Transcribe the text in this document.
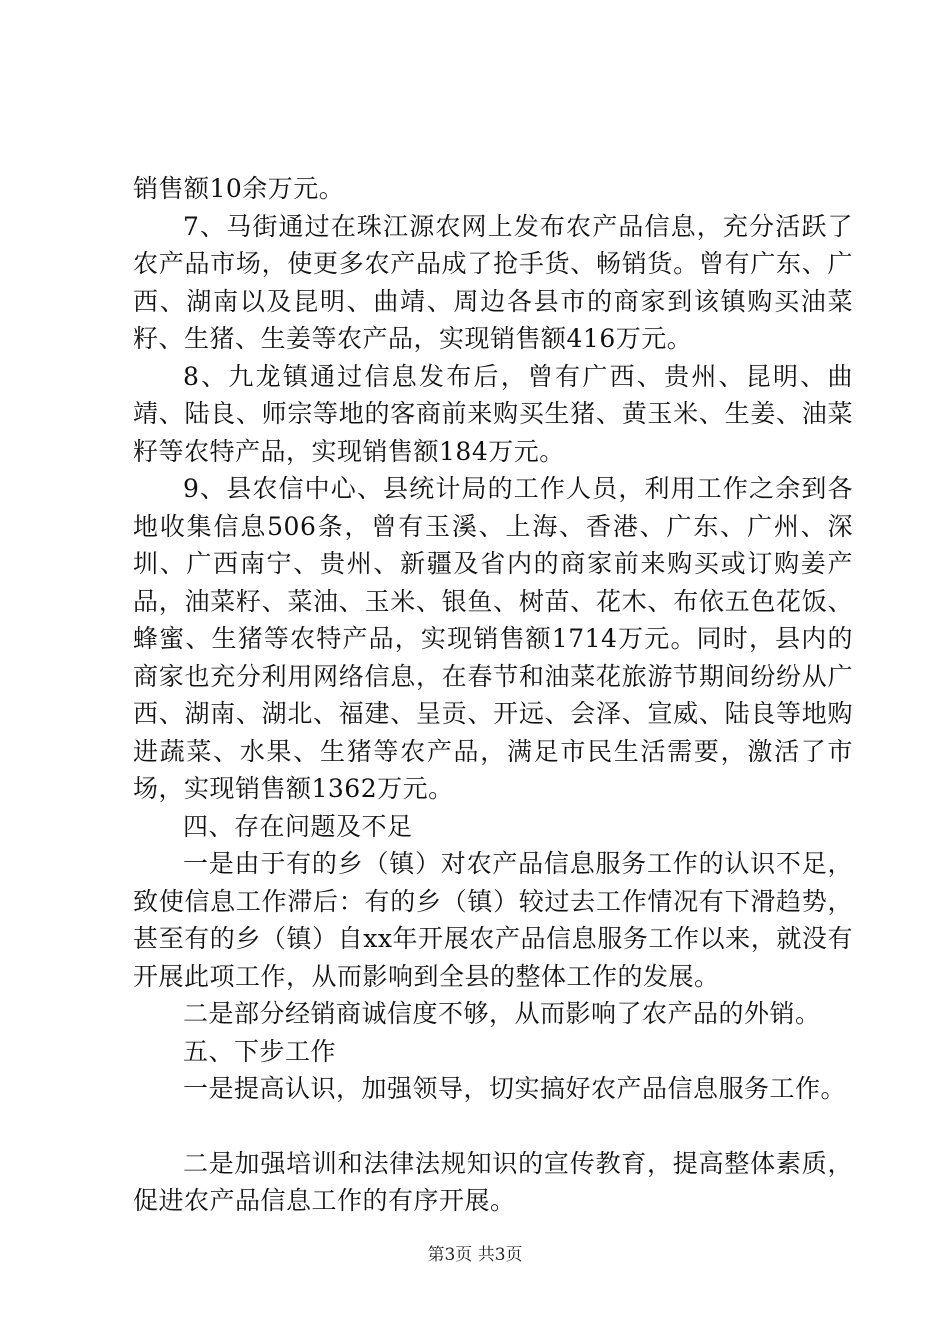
销售额10余万元。

7、马街通过在珠江源农网上发布农产品信息，充分活跃了农产品市场，使更多农产品成了抢手货、畅销货。曾有广东、广西、湖南以及昆明、曲靖、周边各县市的商家到该镇购买油菜籽、生猪、生姜等农产品，实现销售额416万元。

8、九龙镇通过信息发布后，曾有广西、贵州、昆明、曲靖、陆良、师宗等地的客商前来购买生猪、黄玉米、生姜、油菜籽等农特产品，实现销售额184万元。

9、县农信中心、县统计局的工作人员，利用工作之余到各地收集信息506条，曾有玉溪、上海、香港、广东、广州、深圳、广西南宁、贵州、新疆及省内的商家前来购买或订购姜产品，油菜籽、菜油、玉米、银鱼、树苗、花木、布依五色花饭、蜂蜜、生猪等农特产品，实现销售额1714万元。同时，县内的商家也充分利用网络信息，在春节和油菜花旅游节期间纷纷从广西、湖南、湖北、福建、呈贡、开远、会泽、宣威、陆良等地购进蔬菜、水果、生猪等农产品，满足市民生活需要，激活了市场，实现销售额1362万元。

四、存在问题及不足

一是由于有的乡（镇）对农产品信息服务工作的认识不足，致使信息工作滞后：有的乡（镇）较过去工作情况有下滑趋势，甚至有的乡（镇）自xx年开展农产品信息服务工作以来，就没有开展此项工作，从而影响到全县的整体工作的发展。

二是部分经销商诚信度不够，从而影响了农产品的外销。

五、下步工作

一是提高认识，加强领导，切实搞好农产品信息服务工作。

二是加强培训和法律法规知识的宣传教育，提高整体素质，促进农产品信息工作的有序开展。

第3页 共3页
